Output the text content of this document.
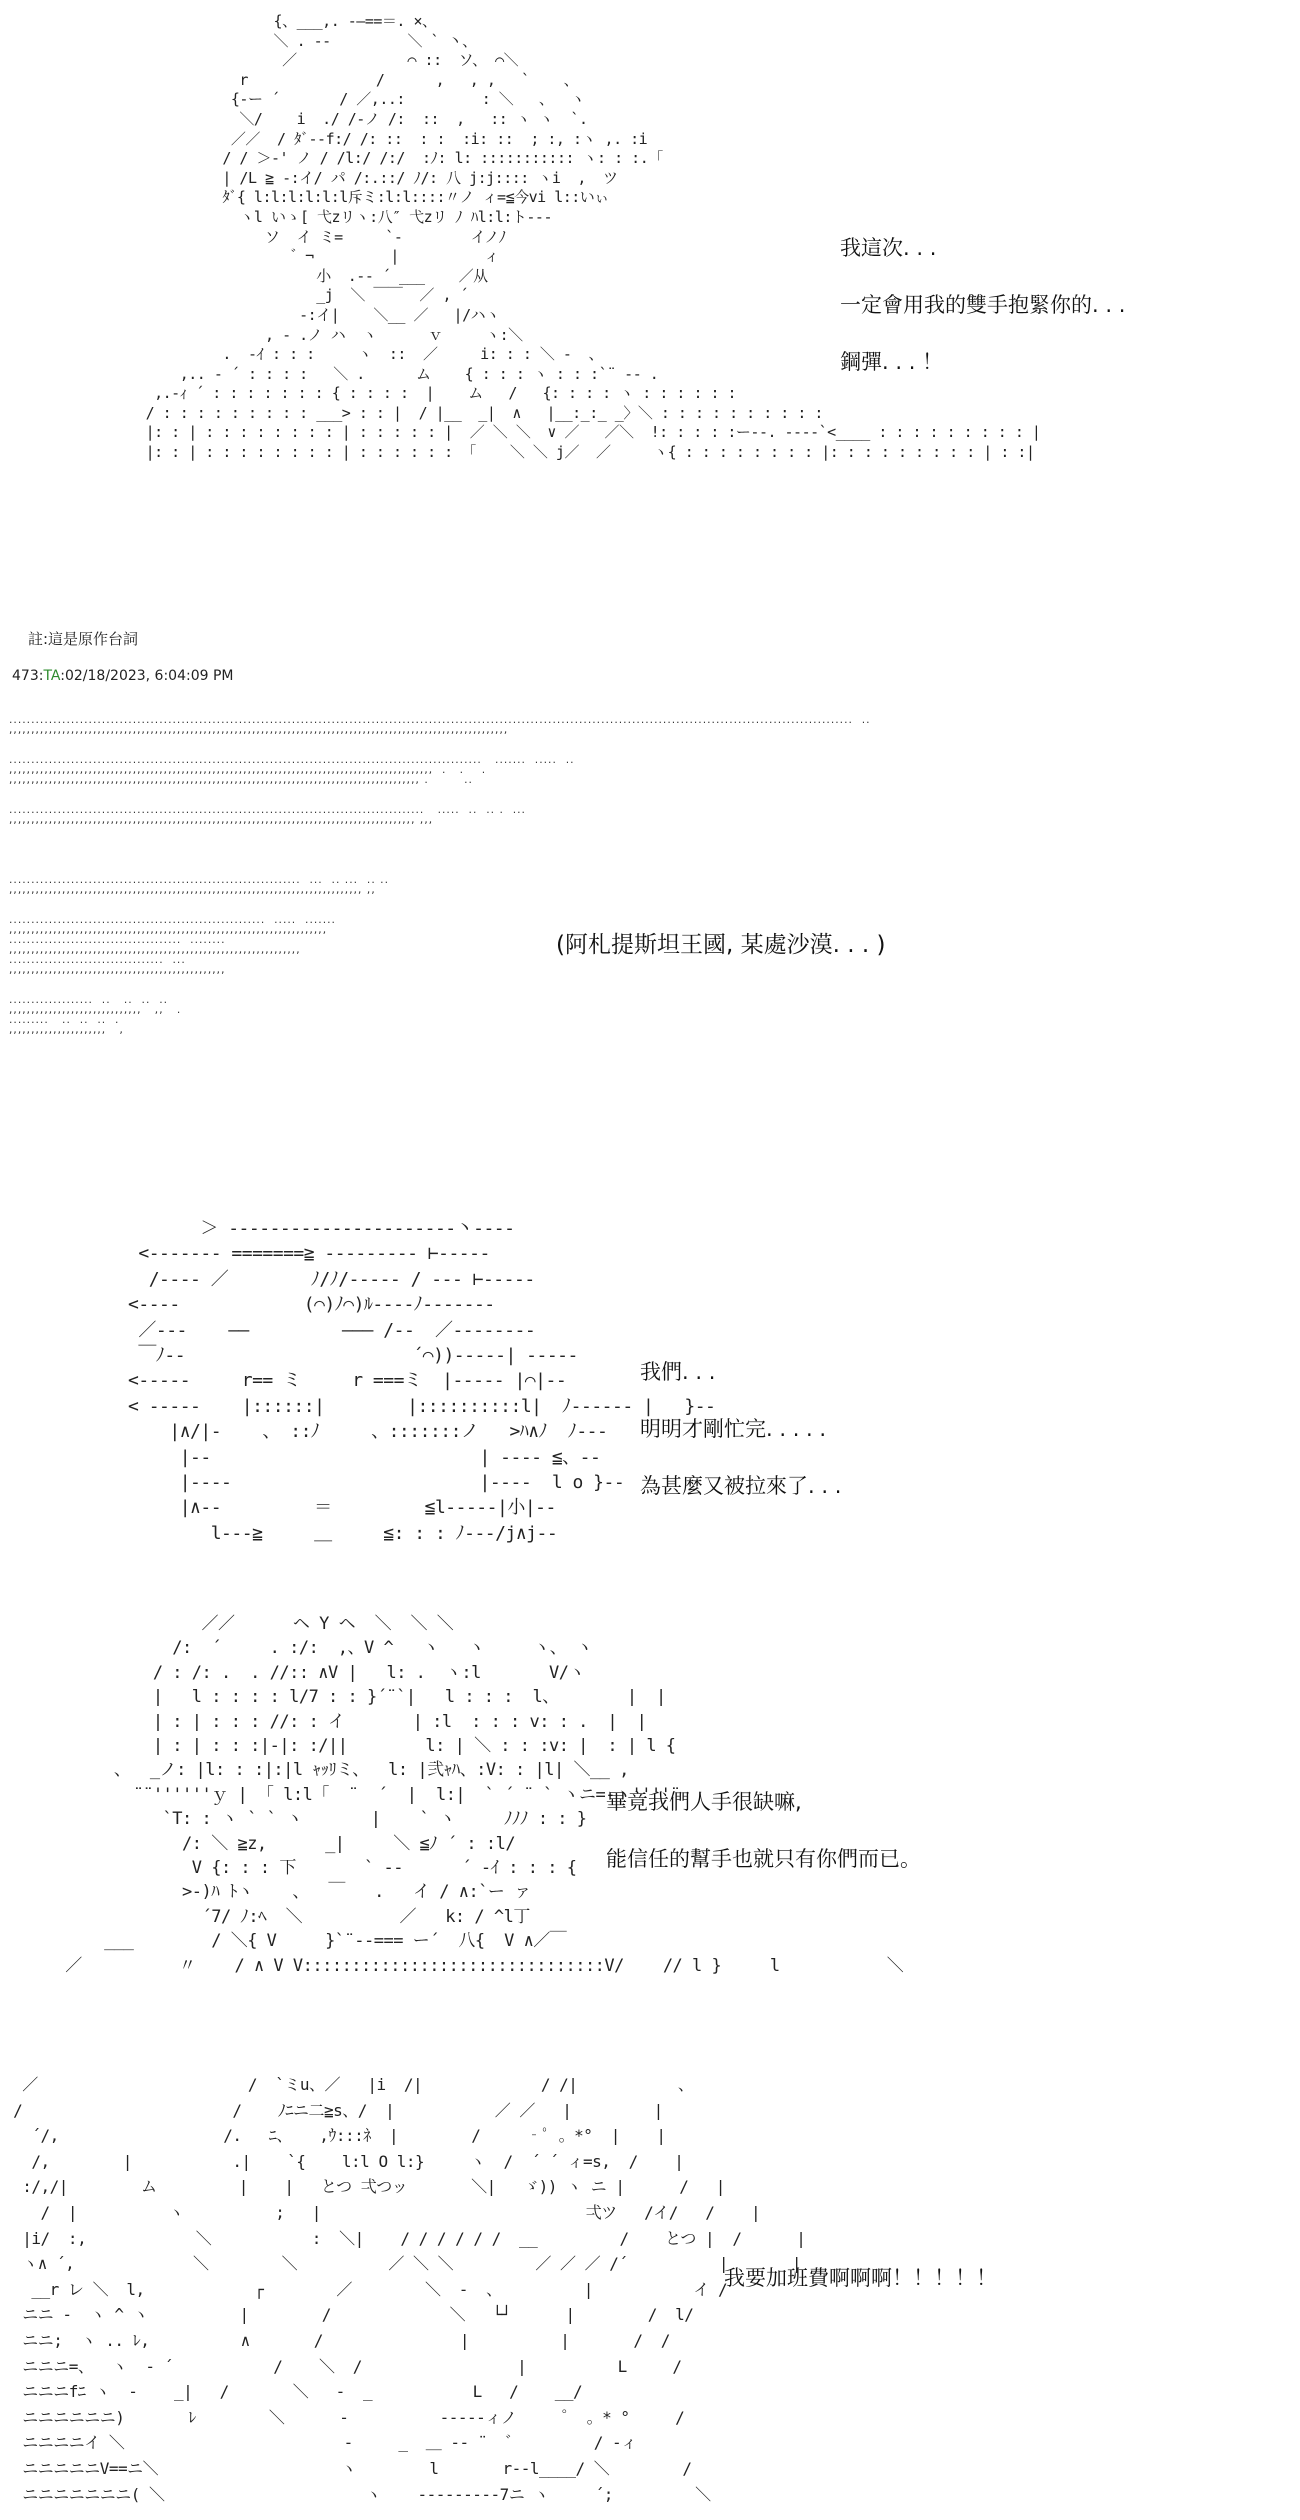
{、___,. -―==＝. ×、
＼ . -‐         ＼ ` 丶、
／             ⌒ ::  ソ、 ⌒＼
r               /      ,   , ,   `    、
{‐ー ´       / ／,..:         : ＼   、  ヽ
＼/    i  ./ /-ノ /:  ::  ,   :: ヽ ヽ  `.
／／  / ﾀﾞ‐-f:/ /: ::  : :  :i: ::  ; :, :ヽ ,. :i
/ / ＞-' ノ / /l:/ /:/  :ﾉ: l: ::::::::::: ヽ: : :.「
| /L ≧ -:イ/ パ /:.::/ ﾉ/: 八 j:j:::: ヽi  ,  ツ
ﾀﾞ{ l:l:l:l:l:l斥ミ:l:l::::〃ノ ィ=≦今vi l::いぃ
ヽl いゝ[ 弋zリヽ:八″ 弋zリ ﾉ ﾊl:l:ト‐‐‐
ソ  イ ミ=     `-        イノﾉ
゛¬         |          ィ
小  .-‐ ´ ___    ／从
_j  ＼ ￣￣  ／ , ´
‐:イ|    ＼__ ／   |/ハヽ
, - .ノ ハ  ヽ      ｖ     ヽ:＼
.  -ｲ : : :     ヽ  ::  ／     i: : : ＼ -  、
,.. ‐ ´ : : : :   ＼ .      ム    { : : : ヽ : : :`¨ ‐- .
,.-ｨ ´ : : : : : : : { : : : :  |    ム   /   {: : : : ヽ : : : : : :
/ : : : : : : : : : ___> : : |  / |__  _|  ∧   |__:_:_ _〉＼ : : : : : : : : : :
|: : | : : : : : : : : | : : : : : |  ／ ＼ ＼  ∨ ／   ／＼  !: : : : :ー‐-. ‐---`<____ : : : : : : : : : |
|: : | : : : : : : : : | : : : : : : 「    ＼ ＼ j／  ／     ヽ{ : : : : : : : : |: : : : : : : : : | : :|

我這次. . .
一定會用我的雙手抱緊你的. . .
鋼彈. . . ！
註:這是原作台詞
473:TA:02/18/2023, 6:04:09 PM
...............................................................................................................................................................................................  ..
,,,,,,,,,,,,,,,,,,,,,,,,,,,,,,,,,,,,,,,,,,,,,,,,,,,,,,,,,,,,,,,,,,,,,,,,,,,,,,,,,,,,,,,,,,,,,,,,,,,,,,,,,,,,,,,,,

...........................................................................................................   .......  .....  ..
,,,,,,,,,,,,,,,,,,,,,,,,,,,,,,,,,,,,,,,,,,,,,,,,,,,,,,,,,,,,,,,,,,,,,,,,,,,,,,,,,,,,,,,,,,,,,,,,  .   .    .
,,,,,,,,,,,,,,,,,,,,,,,,,,,,,,,,,,,,,,,,,,,,,,,,,,,,,,,,,,,,,,,,,,,,,,,,,,,,,,,,,,,,,,,,,,,,, .        ..

..............................................................................................   .....  ..  .. .  ...
,,,,,,,,,,,,,,,,,,,,,,,,,,,,,,,,,,,,,,,,,,,,,,,,,,,,,,,,,,,,,,,,,,,,,,,,,,,,,,,,,,,,,,,,,,,, ,,,

..................................................................  ...  .. ...  .. ..
,,,,,,,,,,,,,,,,,,,,,,,,,,,,,,,,,,,,,,,,,,,,,,,,,,,,,,,,,,,,,,,,,,,,,,,,,,,,,,,, ,,

..........................................................  .....  .......
,,,,,,,,,,,,,,,,,,,,,,,,,,,,,,,,,,,,,,,,,,,,,,,,,,,,,,,,,,,,,,,,,,,,,,,,
.......................................  ........
,,,,,,,,,,,,,,,,,,,,,,,,,,,,,,,,,,,,,,,,,,,,,,,,,,,,,,,,,,,,,,,,,,
...................................  ...
,,,,,,,,,,,,,,,,,,,,,,,,,,,,,,,,,,,,,,,,,,,,,,,,,

...................  ..   ..  ..  ..
,,,,,,,,,,,,,,,,,,,,,,,,,,,,,,   ,,   .
.........   ..  ..  ..  .
,,,,,,,,,,,,,,,,,,,,,,   ,

(阿札提斯坦王國, 某處沙漠. . . )
＞ ----------------------丶----
<------- =======≧ --------- ⊢-----
/---- ／        ﾉ/ﾉ/----- / --- ⊢-----
<----            (⌒)ﾉ⌒)ﾙ----ﾉ-------
／---    ――         ――― /--  ／--------
￣ﾉ--                      ´⌒))-----| -----
<-----     r== ミ     r ===ミ  |----- |⌒|--
< -----    |::::::|        |::::::::::l|  ﾉ------ |   }--
|∧/|-    、 ::ﾉ     、:::::::ノ   >ﾊ∧ﾉ  ﾉ---
|--                          | ---- ≦、--
|----                        |----  l o }--
|∧--         ＝         ≦l-----|小|--
l---≧     ＿     ≦: : : ﾉ---/j∧j--

我們. . .
明明才剛忙完. . . . .
為甚麼又被拉來了. . .
／／      ヘ Y ヘ  ＼  ＼ ＼
/:  ´     . :/:  ,、V ^   ヽ   ヽ     ヽ、 ヽ
/ : /: .  . //:: ∧V |   l: .  ヽ:l       V/ヽ
|   l : : : : l/7 : : }´¨`|   l : : :  l、       |  |
| : | : : : //: : イ       | :l  : : : v: : .  |  |
| : | : : :|-|: :/||        l: | ＼ : : :v: |  : | l {
、  _ノ: |l: : :|:|l ｬｯﾘミ、  l: |弐ｬﾊ、:V: : |l| ＼__ ,
¨¨''''''ｙ | 「 l:l「  ¨  ´  |  l:|  ` ´ ¨ ` ヽニ=-ヽ''''¨
`T: : ヽ ` ` ヽ       |    ` ヽ     ﾉﾉﾉ : : }
/: ＼ ≧z,      _|     ＼ ≦ﾉ ´ : :l/
V {: : : 下       ` ‐‐      ´ -ｲ : : : {
>-)ﾊ ﾄヽ    、  ￣   .   イ / ∧:`ー ァ
´7/ ﾉ:ﾍ  ＼          ／   k: / ^l丁
___        / ＼{ V     }`¨‐-=== ー´  八{  V ∧／￣
／          〃    / ∧ V V:::::::::::::::::::::::::::::::V/    // l }     l           ＼

畢竟我們人手很缺嘛,
能信任的幫手也就只有你們而已。
／                       /  `ミu、／   |i  /|             / /|           、
/                       /    ﾉﾆニ二≧s、/  |           ／ ／   |         |
´/,                  /.   ﾆ、   ,ｳ:::ﾈ  |        /     ‐ﾟ 。*°  |    |
/,        |           .|    `{    l:l O l:}     ヽ  /  ´ ´ ィ=s,  /    |
:/,/|        ム         |    |   とつ 弌つッ       ＼|   ゞ)) ヽ ニ |      /   |
/  |          ヽ          ;   |                             弌ツ   /イ/   /    |
|i/  :,            ＼           :  ＼|    / / / / / /  __         /    とつ |  /      |
ヽ∧ ´,             ＼        ＼          ／ ＼ ＼         ／ ／ ／ /´          |       |
__r レ ＼  l,            ┌        ／        ＼  -  、         |           イ /
ニニ -  ヽ ^ ヽ          |        /             ＼   └┘      |        /  l/
ニニ;  ヽ .. ﾚ,          ∧       /               |          |       /  /
ニニニ=、  ヽ  - ´           /    ＼  /                 |          L     /
ニニニfﾆ ヽ  -    _|   /       ＼   ‐  _           L   /    __/
ニニニニニニ)       ﾚ        ＼      -          -----ィノ     ゜ 。* °     /
ニニニニイ ＼                        -     _  ＿ -‐ ¨  ゛        / -ィ
ニニニニニV==ニ＼                    ヽ        l       r--l____/ ＼        /
ニニニニニニニ( ＼                      ヽ    ---------7ニ ヽ     ´;         ＼

我要加班費啊啊啊！！！！！
